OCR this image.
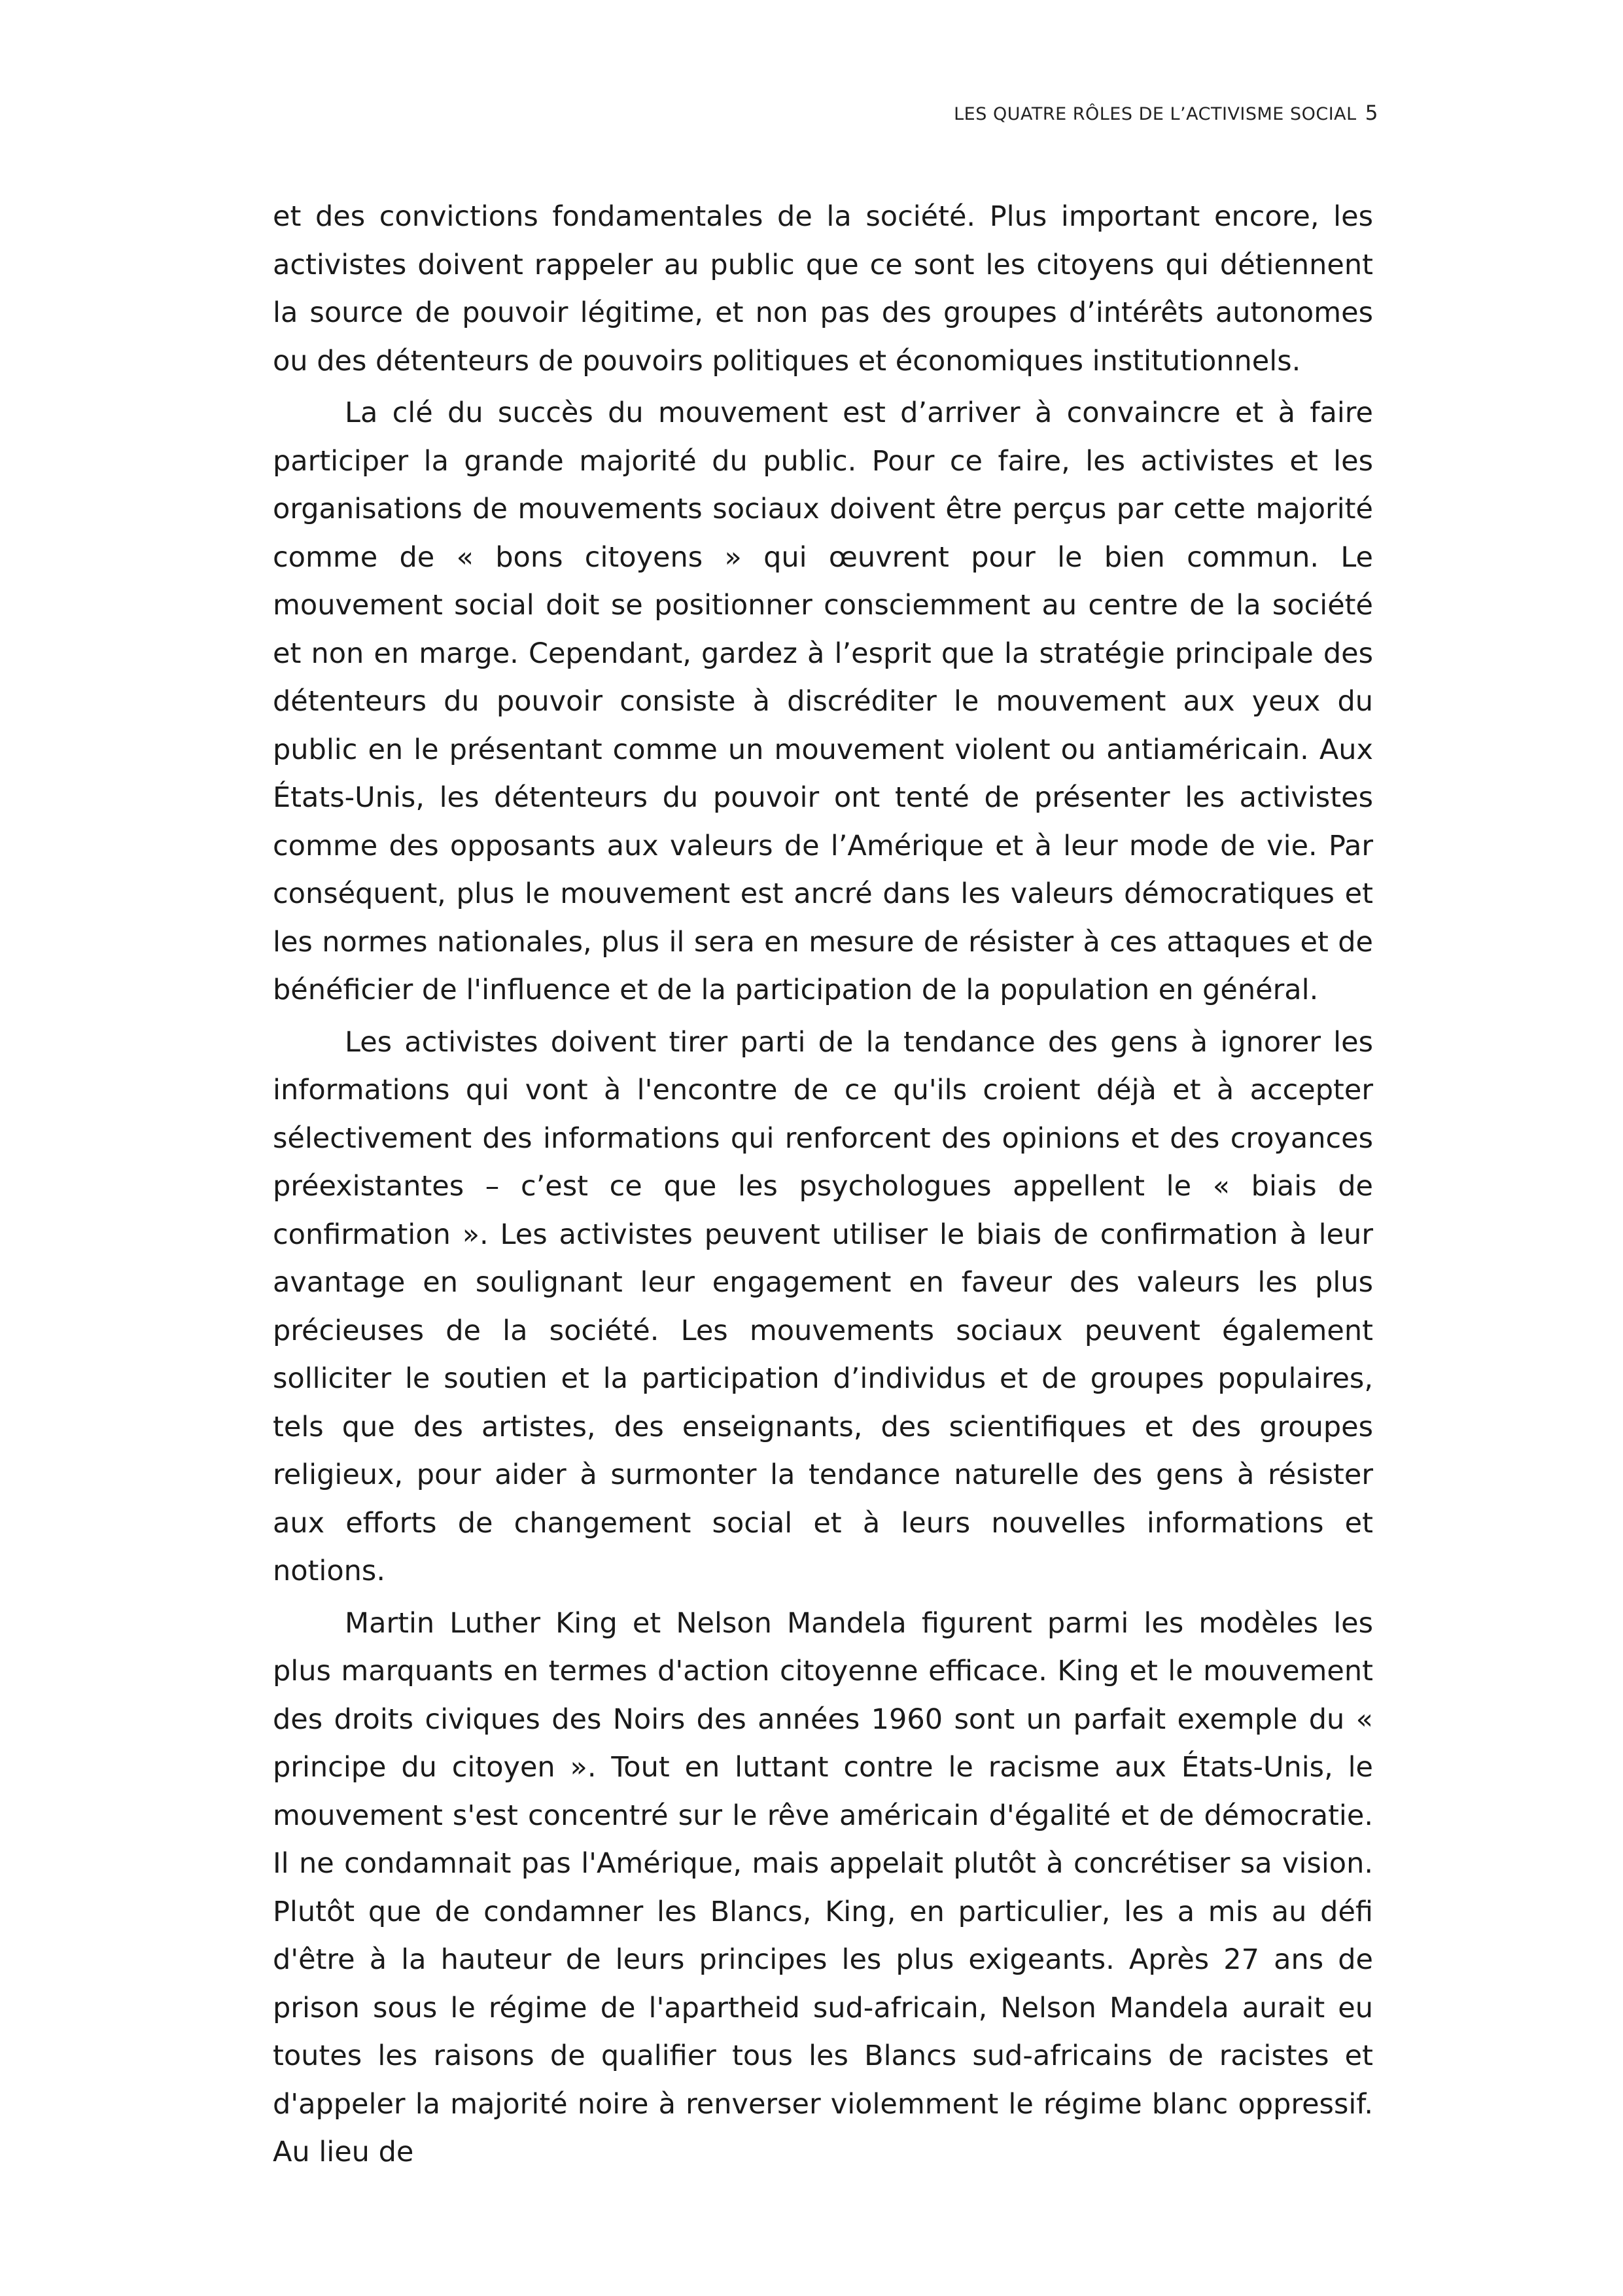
LES QUATRE RÔLES DE L’ACTIVISME SOCIAL 5

et des convictions fondamentales de la société. Plus important encore, les activistes doivent rappeler au public que ce sont les citoyens qui détiennent la source de pouvoir légitime, et non pas des groupes d’intérêts autonomes ou des détenteurs de pouvoirs politiques et économiques institutionnels.

La clé du succès du mouvement est d’arriver à convaincre et à faire participer la grande majorité du public. Pour ce faire, les activistes et les organisations de mouvements sociaux doivent être perçus par cette majorité comme de « bons citoyens » qui œuvrent pour le bien commun. Le mouvement social doit se positionner consciemment au centre de la société et non en marge. Cependant, gardez à l’esprit que la stratégie principale des détenteurs du pouvoir consiste à discréditer le mouvement aux yeux du public en le présentant comme un mouvement violent ou antiaméricain. Aux États-Unis, les détenteurs du pouvoir ont tenté de présenter les activistes comme des opposants aux valeurs de l’Amérique et à leur mode de vie. Par conséquent, plus le mouvement est ancré dans les valeurs démocratiques et les normes nationales, plus il sera en mesure de résister à ces attaques et de bénéficier de l'influence et de la participation de la population en général.

Les activistes doivent tirer parti de la tendance des gens à ignorer les informations qui vont à l'encontre de ce qu'ils croient déjà et à accepter sélectivement des informations qui renforcent des opinions et des croyances préexistantes – c’est ce que les psychologues appellent le « biais de confirmation ». Les activistes peuvent utiliser le biais de confirmation à leur avantage en soulignant leur engagement en faveur des valeurs les plus précieuses de la société. Les mouvements sociaux peuvent également solliciter le soutien et la participation d’individus et de groupes populaires, tels que des artistes, des enseignants, des scientifiques et des groupes religieux, pour aider à surmonter la tendance naturelle des gens à résister aux efforts de changement social et à leurs nouvelles informations et notions.

Martin Luther King et Nelson Mandela figurent parmi les modèles les plus marquants en termes d'action citoyenne efficace. King et le mouvement des droits civiques des Noirs des années 1960 sont un parfait exemple du « principe du citoyen ». Tout en luttant contre le racisme aux États-Unis, le mouvement s'est concentré sur le rêve américain d'égalité et de démocratie. Il ne condamnait pas l'Amérique, mais appelait plutôt à concrétiser sa vision. Plutôt que de condamner les Blancs, King, en particulier, les a mis au défi d'être à la hauteur de leurs principes les plus exigeants. Après 27 ans de prison sous le régime de l'apartheid sud-africain, Nelson Mandela aurait eu toutes les raisons de qualifier tous les Blancs sud-africains de racistes et d'appeler la majorité noire à renverser violemment le régime blanc oppressif. Au lieu de
